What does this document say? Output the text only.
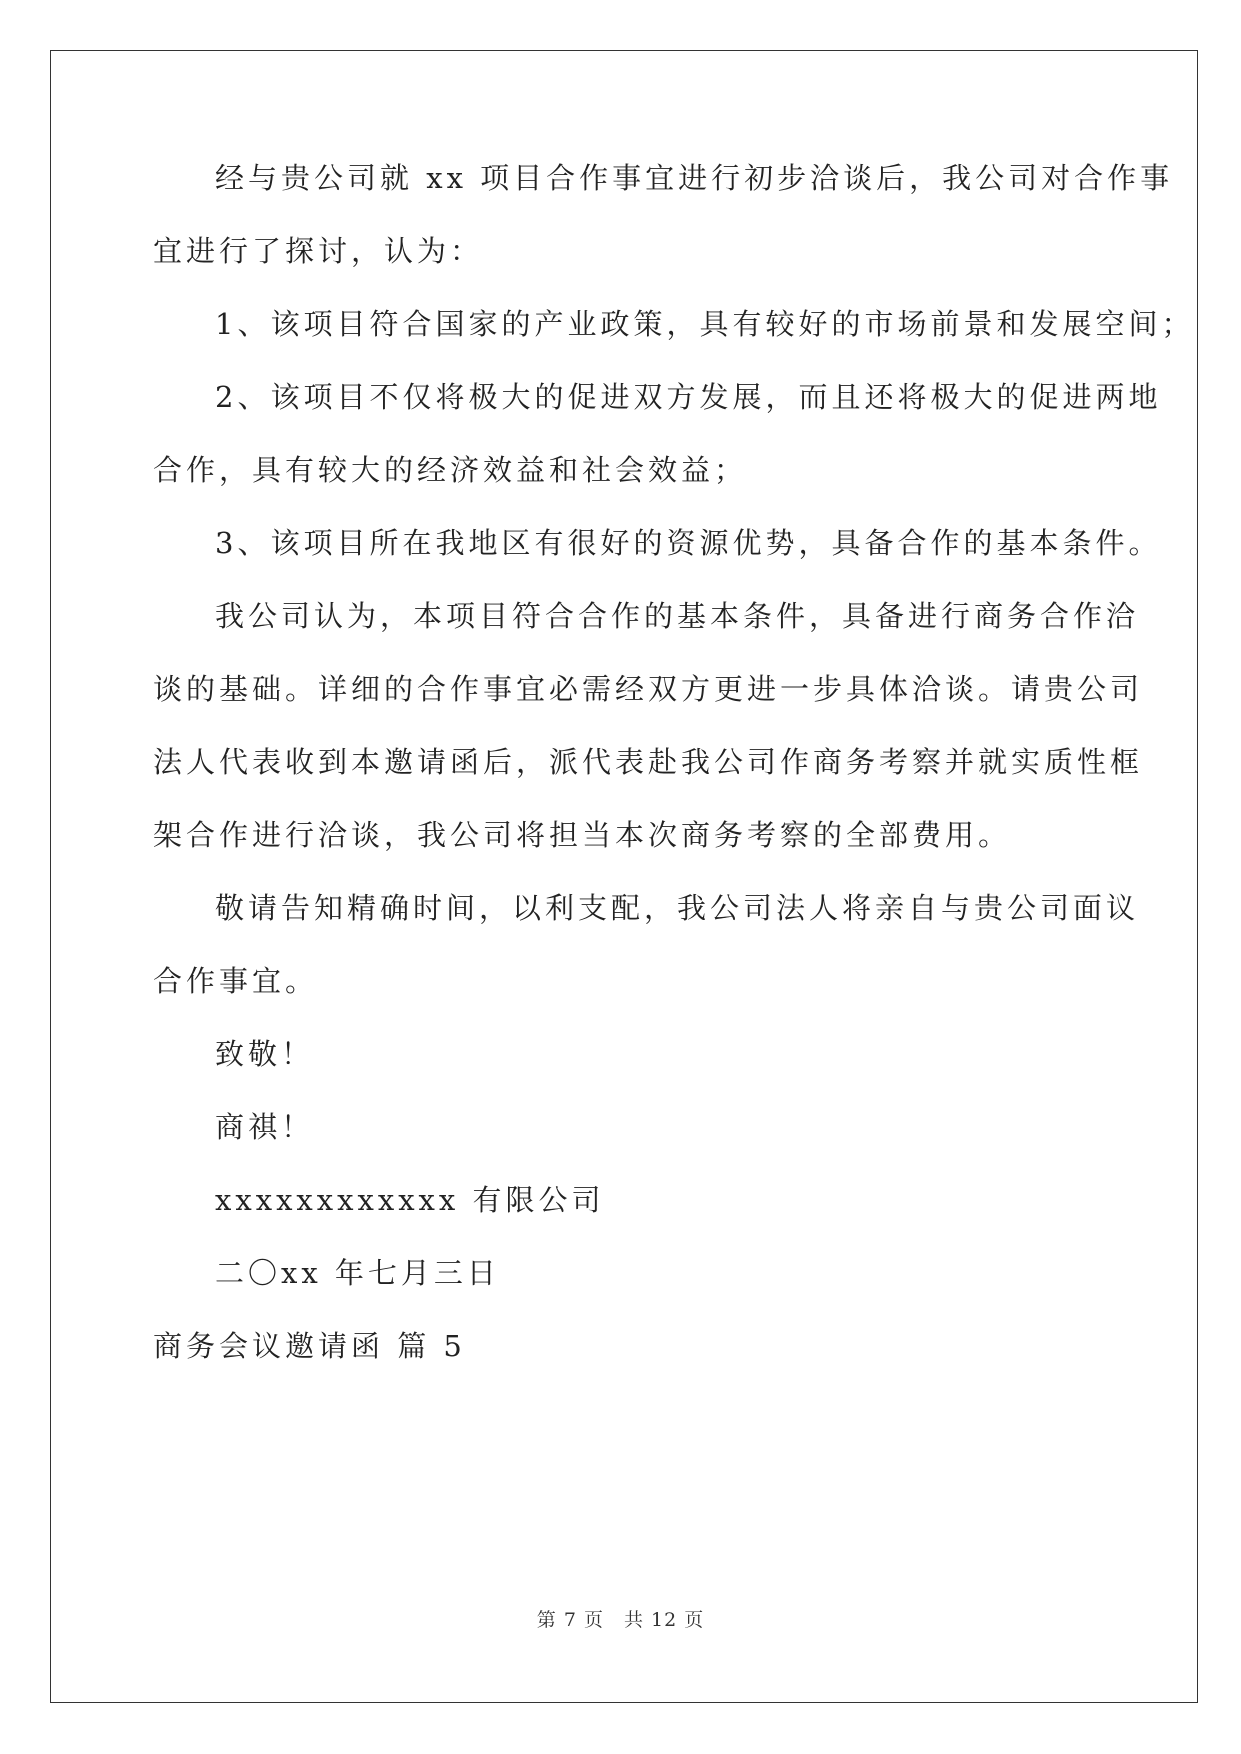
经与贵公司就 xx 项目合作事宜进行初步洽谈后，我公司对合作事
宜进行了探讨，认为：
1、该项目符合国家的产业政策，具有较好的市场前景和发展空间；
2、该项目不仅将极大的促进双方发展，而且还将极大的促进两地
合作，具有较大的经济效益和社会效益；
3、该项目所在我地区有很好的资源优势，具备合作的基本条件。
我公司认为，本项目符合合作的基本条件，具备进行商务合作洽
谈的基础。详细的合作事宜必需经双方更进一步具体洽谈。请贵公司
法人代表收到本邀请函后，派代表赴我公司作商务考察并就实质性框
架合作进行洽谈，我公司将担当本次商务考察的全部费用。
敬请告知精确时间，以利支配，我公司法人将亲自与贵公司面议
合作事宜。
致敬！
商祺！
xxxxxxxxxxxx 有限公司
二〇xx 年七月三日
商务会议邀请函 篇 5
第 7 页　共 12 页
